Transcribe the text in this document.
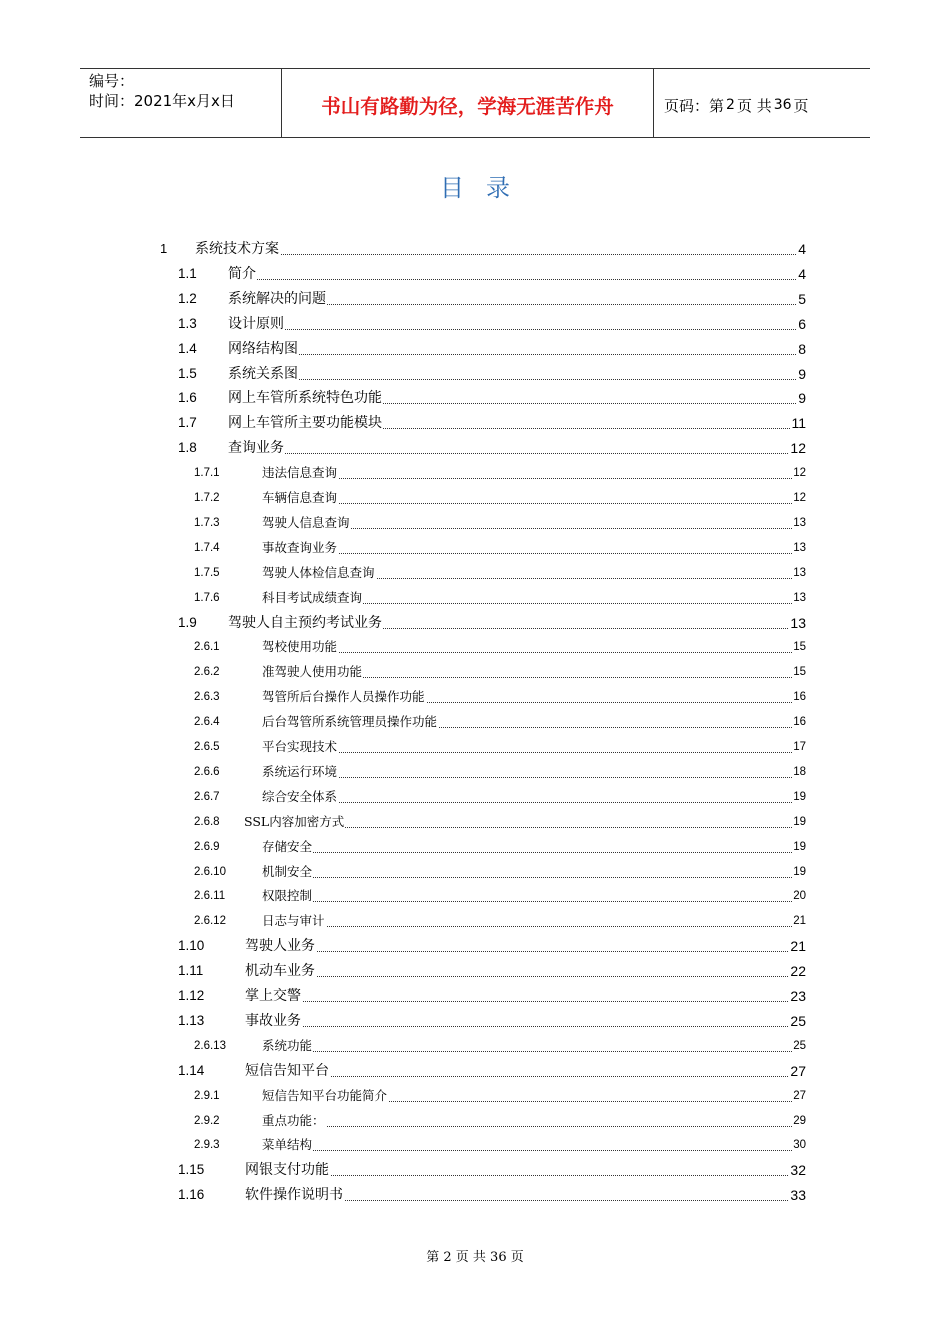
编号：
时间：2021年x月x日	书山有路勤为径，学海无涯苦作舟	页码：第 2 页 共 36 页
目录
1 系统技术方案	4
1.1 简介	4
1.2 系统解决的问题	5
1.3 设计原则	6
1.4 网络结构图	8
1.5 系统关系图	9
1.6 网上车管所系统特色功能	9
1.7 网上车管所主要功能模块	11
1.8 查询业务	12
1.7.1	违法信息查询	12
1.7.2	车辆信息查询	12
1.7.3	驾驶人信息查询	13
1.7.4	事故查询业务	13
1.7.5	驾驶人体检信息查询	13
1.7.6	科目考试成绩查询	13
1.9 驾驶人自主预约考试业务	13
2.6.1	驾校使用功能	15
2.6.2	准驾驶人使用功能	15
2.6.3	驾管所后台操作人员操作功能	16
2.6.4	后台驾管所系统管理员操作功能	16
2.6.5	平台实现技术	17
2.6.6	系统运行环境	18
2.6.7	综合安全体系	19
2.6.8 SSL内容加密方式	19
2.6.9	存储安全	19
2.6.10	机制安全	19
2.6.11	权限控制	20
2.6.12	日志与审计	21
1.10	驾驶人业务	21
1.11	机动车业务	22
1.12	掌上交警	23
1.13	事故业务	25
2.6.13	系统功能	25
1.14	短信告知平台	27
2.9.1	短信告知平台功能简介	27
2.9.2	重点功能：	29
2.9.3	菜单结构	30
1.15	网银支付功能	32
1.16	软件操作说明书	33
第 2 页 共 36 页
